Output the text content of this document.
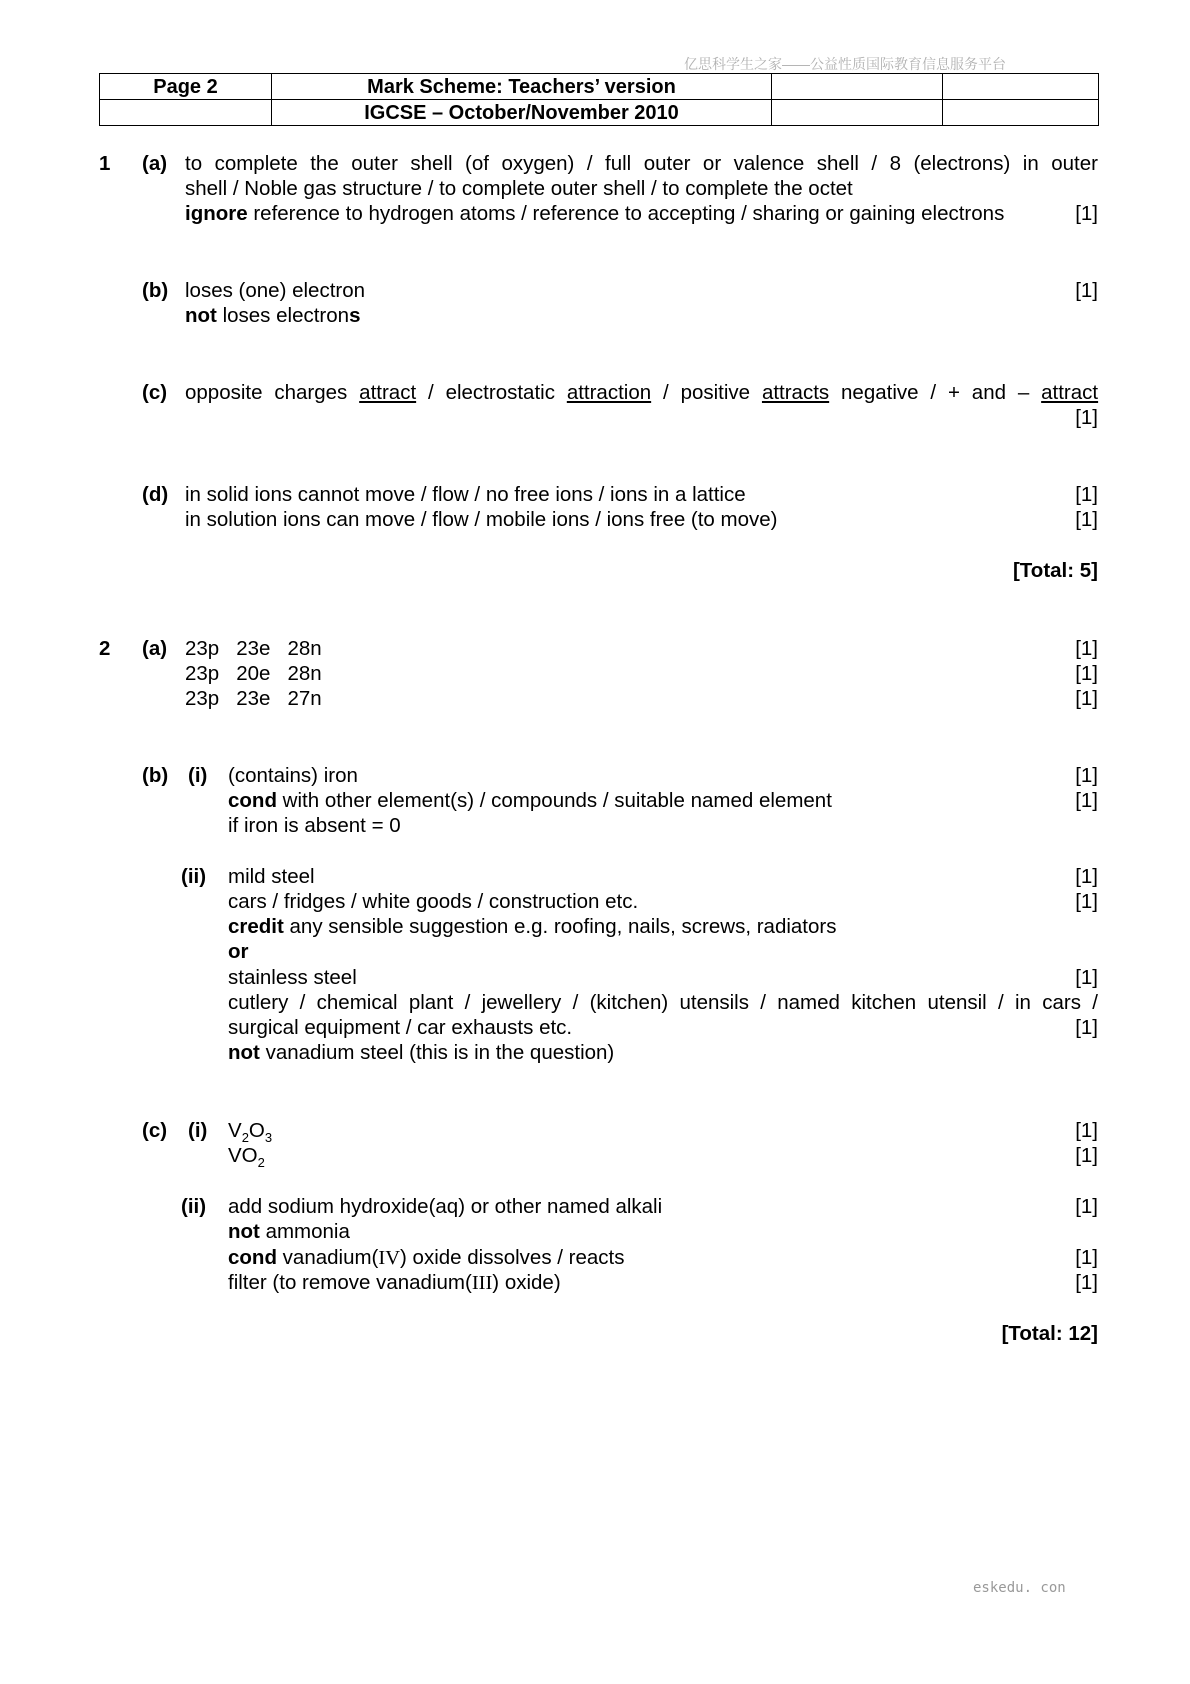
亿思科学生之家——公益性质国际教育信息服务平台
Page 2	Mark Scheme: Teachers’ version		
	IGCSE – October/November 2010		
1 (a) to complete the outer shell (of oxygen) / full outer or valence shell / 8 (electrons) in outer
shell / Noble gas structure / to complete outer shell / to complete the octet
ignore reference to hydrogen atoms / reference to accepting / sharing or gaining electrons	[1]
(b) loses (one) electron	[1]
not loses electrons
(c) opposite charges attract / electrostatic attraction / positive attracts negative / + and – attract
[1]
(d) in solid ions cannot move / flow / no free ions / ions in a lattice	[1]
in solution ions can move / flow / mobile ions / ions free (to move)	[1]
[Total: 5]
2 (a) 23p 23e 28n	[1]
23p 20e 28n	[1]
23p 23e 27n	[1]
(b) (i) (contains) iron	[1]
cond with other element(s) / compounds / suitable named element	[1]
if iron is absent = 0
(ii) mild steel	[1]
cars / fridges / white goods / construction etc.	[1]
credit any sensible suggestion e.g. roofing, nails, screws, radiators
or
stainless steel	[1]
cutlery / chemical plant / jewellery / (kitchen) utensils / named kitchen utensil / in cars /
surgical equipment / car exhausts etc.	[1]
not vanadium steel (this is in the question)
(c) (i) $V_2O_3$	[1]
$VO_2$	[1]
(ii) add sodium hydroxide(aq) or other named alkali	[1]
not ammonia
cond vanadium(IV) oxide dissolves / reacts	[1]
filter (to remove vanadium(III) oxide)	[1]
[Total: 12]
eskedu. con
